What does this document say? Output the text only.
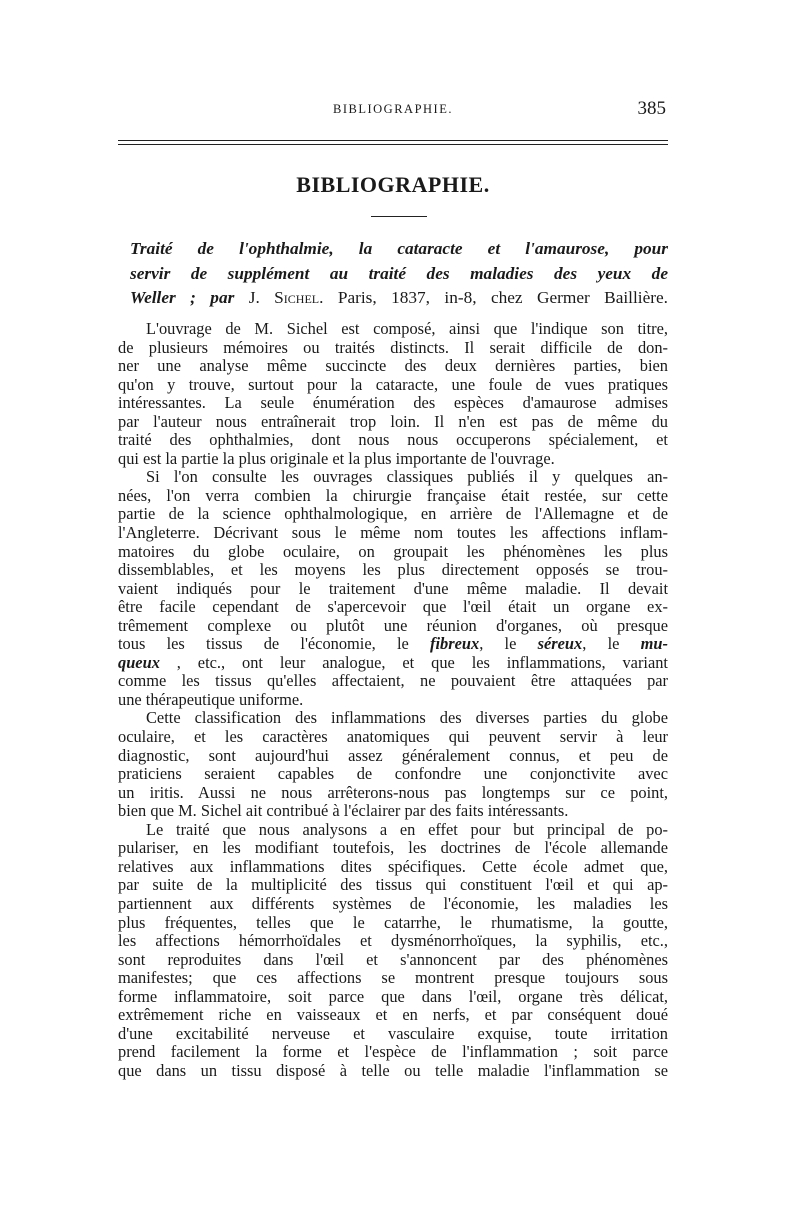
BIBLIOGRAPHIE.	385
BIBLIOGRAPHIE.
Traité de l'ophthalmie, la cataracte et l'amaurose, pour
servir de supplément au traité des maladies des yeux de
Weller ; par J. Sichel. Paris, 1837, in-8, chez Germer Baillière.
L'ouvrage de M. Sichel est composé, ainsi que l'indique son titre,
de plusieurs mémoires ou traités distincts. Il serait difficile de don-
ner une analyse même succincte des deux dernières parties, bien
qu'on y trouve, surtout pour la cataracte, une foule de vues pratiques
intéressantes. La seule énumération des espèces d'amaurose admises
par l'auteur nous entraînerait trop loin. Il n'en est pas de même du
traité des ophthalmies, dont nous nous occuperons spécialement, et
qui est la partie la plus originale et la plus importante de l'ouvrage.
Si l'on consulte les ouvrages classiques publiés il y quelques an-
nées, l'on verra combien la chirurgie française était restée, sur cette
partie de la science ophthalmologique, en arrière de l'Allemagne et de
l'Angleterre. Décrivant sous le même nom toutes les affections inflam-
matoires du globe oculaire, on groupait les phénomènes les plus
dissemblables, et les moyens les plus directement opposés se trou-
vaient indiqués pour le traitement d'une même maladie. Il devait
être facile cependant de s'apercevoir que l'œil était un organe ex-
trêmement complexe ou plutôt une réunion d'organes, où presque
tous les tissus de l'économie, le fibreux, le séreux, le mu-
queux , etc., ont leur analogue, et que les inflammations, variant
comme les tissus qu'elles affectaient, ne pouvaient être attaquées par
une thérapeutique uniforme.
Cette classification des inflammations des diverses parties du globe
oculaire, et les caractères anatomiques qui peuvent servir à leur
diagnostic, sont aujourd'hui assez généralement connus, et peu de
praticiens seraient capables de confondre une conjonctivite avec
un iritis. Aussi ne nous arrêterons-nous pas longtemps sur ce point,
bien que M. Sichel ait contribué à l'éclairer par des faits intéressants.
Le traité que nous analysons a en effet pour but principal de po-
pulariser, en les modifiant toutefois, les doctrines de l'école allemande
relatives aux inflammations dites spécifiques. Cette école admet que,
par suite de la multiplicité des tissus qui constituent l'œil et qui ap-
partiennent aux différents systèmes de l'économie, les maladies les
plus fréquentes, telles que le catarrhe, le rhumatisme, la goutte,
les affections hémorrhoïdales et dysménorrhoïques, la syphilis, etc.,
sont reproduites dans l'œil et s'annoncent par des phénomènes
manifestes; que ces affections se montrent presque toujours sous
forme inflammatoire, soit parce que dans l'œil, organe très délicat,
extrêmement riche en vaisseaux et en nerfs, et par conséquent doué
d'une excitabilité nerveuse et vasculaire exquise, toute irritation
prend facilement la forme et l'espèce de l'inflammation ; soit parce
que dans un tissu disposé à telle ou telle maladie l'inflammation se
